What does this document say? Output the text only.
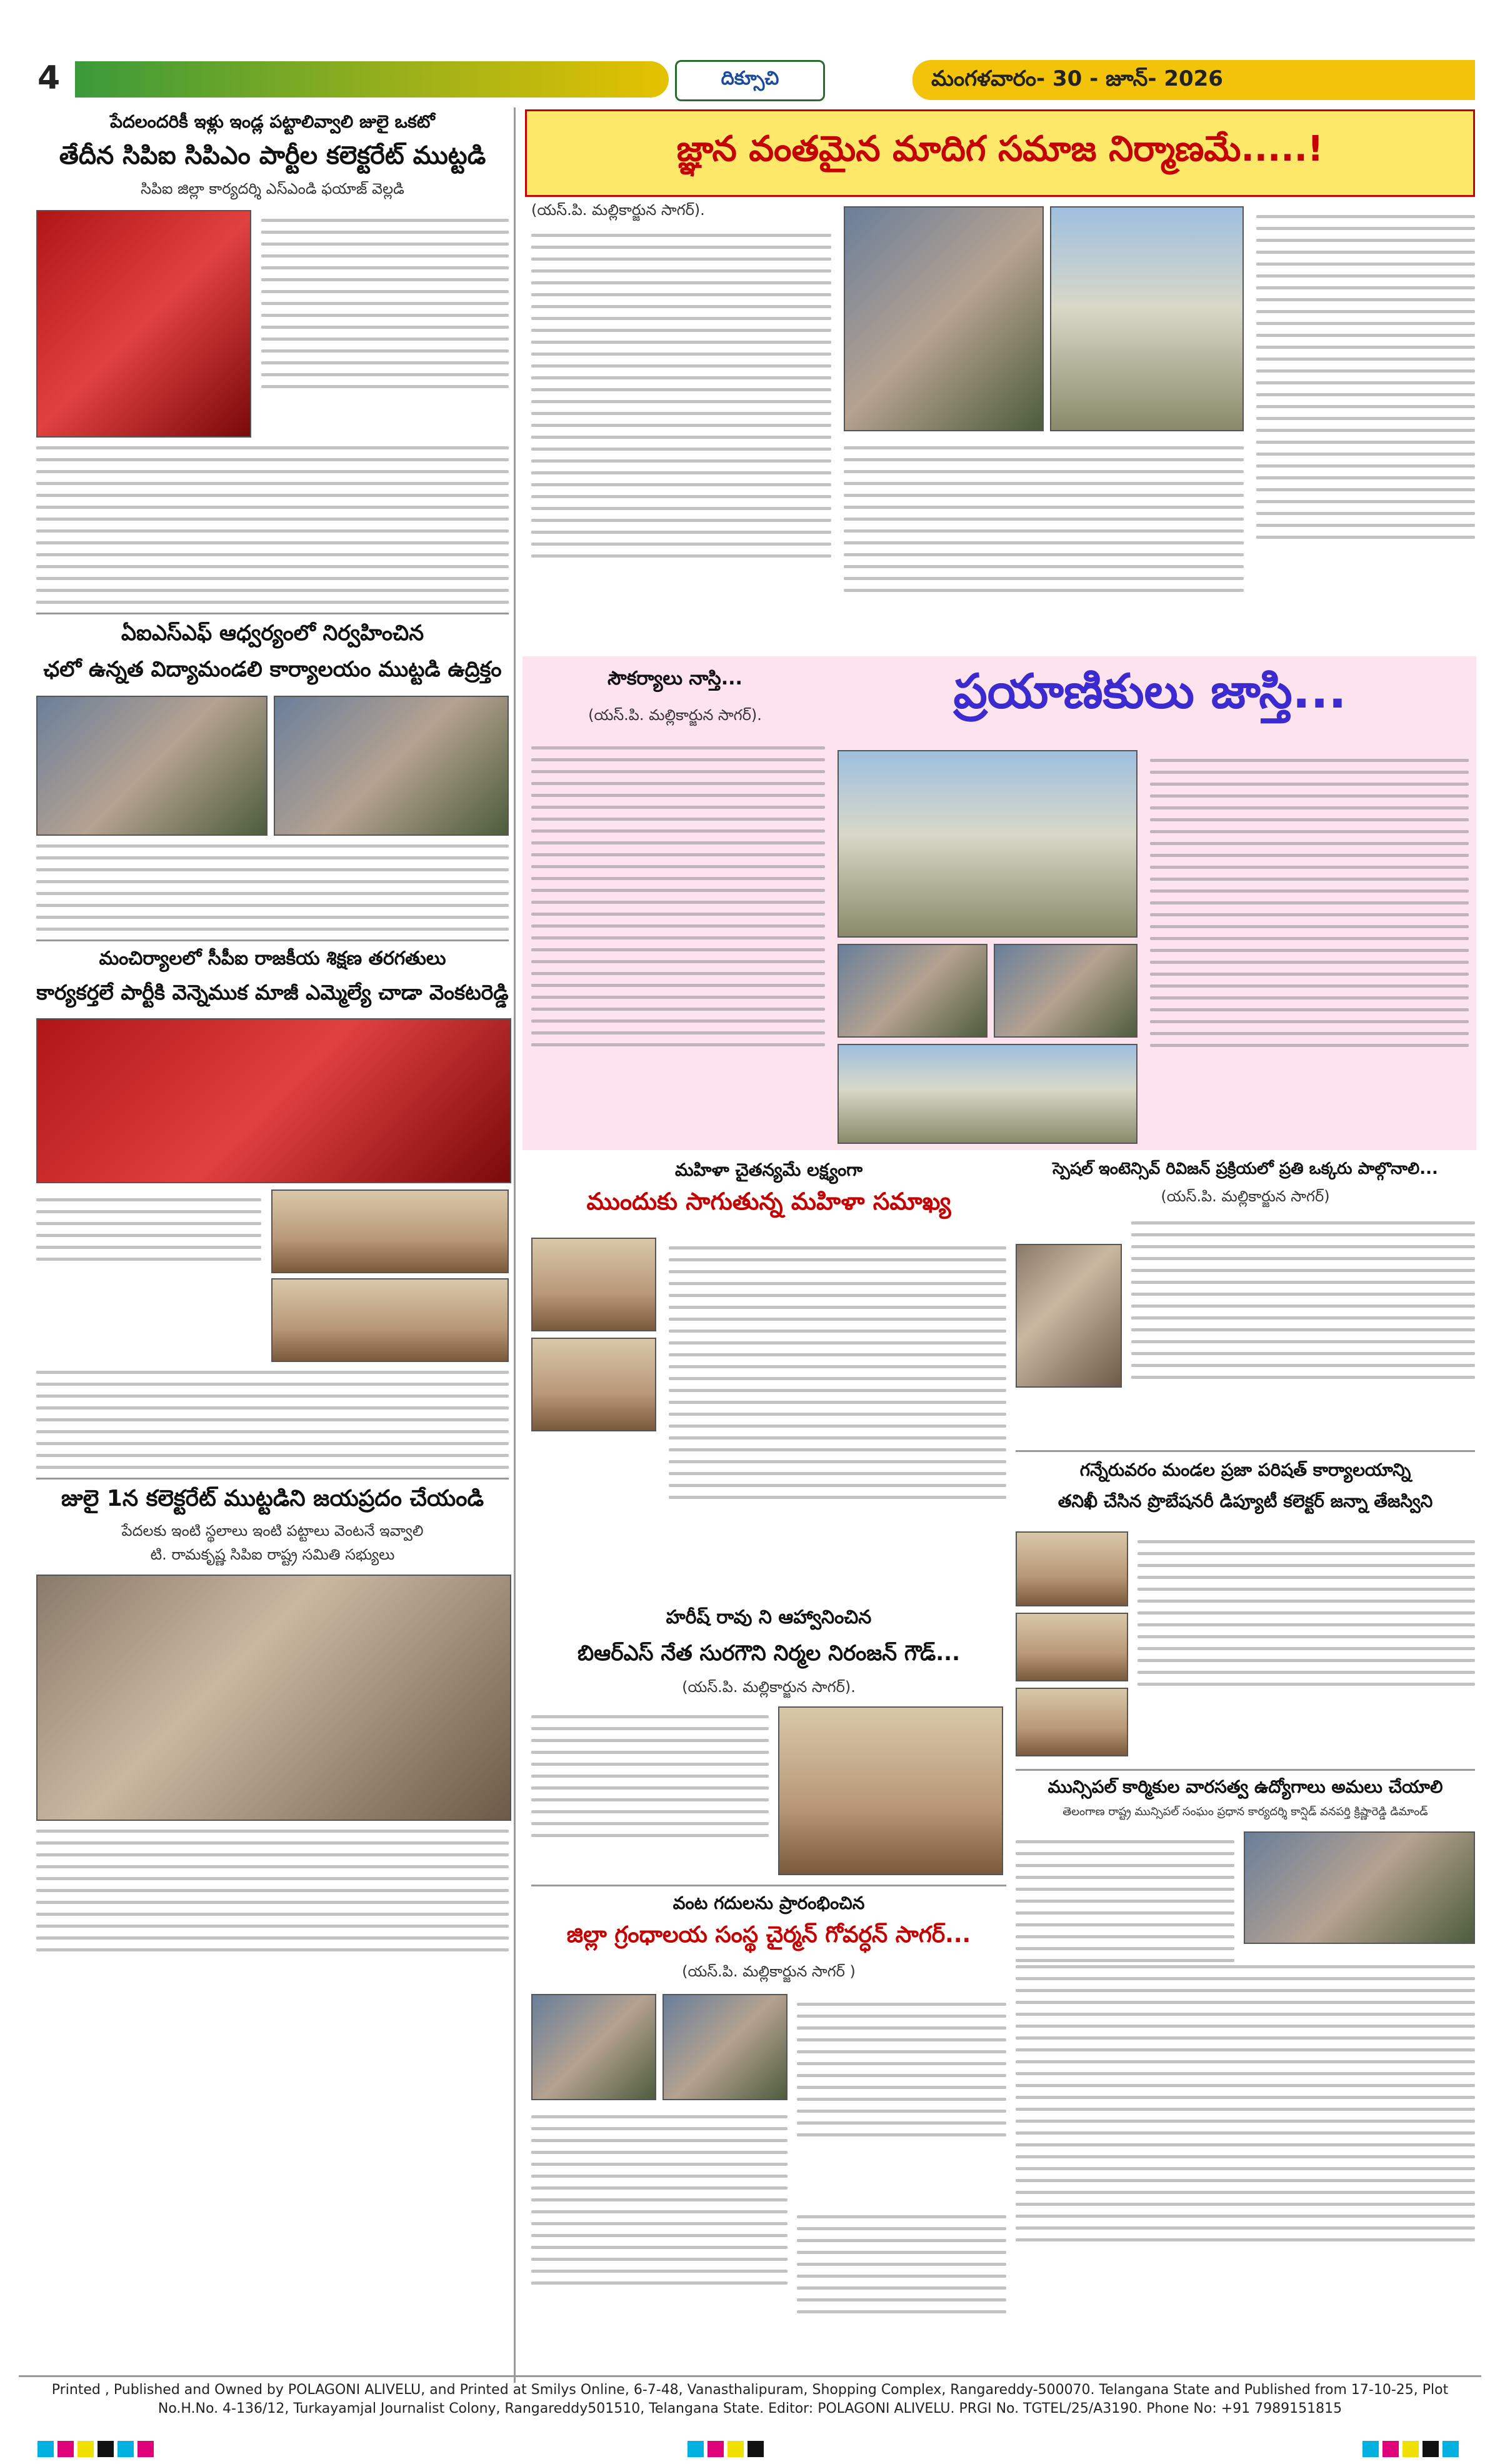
4	దిక్సూచి	మంగళవారం- 30 - జూన్- 2026
పేదలందరికీ ఇళ్లు ఇండ్ల పట్టాలివ్వాలి జులై ఒకటో
తేదీన సిపిఐ సిపిఎం పార్టీల కలెక్టరేట్ ముట్టడి
సిపిఐ జిల్లా కార్యదర్శి ఎస్ఎండి ఫయాజ్ వెల్లడి
ఏఐఎస్ఎఫ్ ఆధ్వర్యంలో నిర్వహించిన
ఛలో ఉన్నత విద్యామండలి కార్యాలయం ముట్టడి ఉద్రిక్తం
మంచిర్యాలలో సీపీఐ రాజకీయ శిక్షణ తరగతులు
కార్యకర్తలే పార్టీకి వెన్నెముక మాజీ ఎమ్మెల్యే చాడా వెంకటరెడ్డి
జులై 1న కలెక్టరేట్ ముట్టడిని జయప్రదం చేయండి
పేదలకు ఇంటి స్థలాలు ఇంటి పట్టాలు వెంటనే ఇవ్వాలి
టి. రామకృష్ణ సిపిఐ రాష్ట్ర సమితి సభ్యులు
జ్ఞాన వంతమైన మాదిగ సమాజ నిర్మాణమే.....!
(యస్.పి. మల్లికార్జున సాగర్).
సౌకర్యాలు నాస్తి...	ప్రయాణికులు జాస్తి...
(యస్.పి. మల్లికార్జున సాగర్).
మహిళా చైతన్యమే లక్ష్యంగా
ముందుకు సాగుతున్న మహిళా సమాఖ్య
స్పెషల్ ఇంటెన్సివ్ రివిజన్ ప్రక్రియలో ప్రతి ఒక్కరు పాల్గొనాలి...
(యస్.పి. మల్లికార్జున సాగర్)
గన్నేరువరం మండల ప్రజా పరిషత్ కార్యాలయాన్ని
తనిఖీ చేసిన ప్రొబేషనరీ డిప్యూటీ కలెక్టర్ జన్నా తేజస్విని
మున్సిపల్ కార్మికుల వారసత్వ ఉద్యోగాలు అమలు చేయాలి
తెలంగాణ రాష్ట్ర మున్సిపల్ సంఘం ప్రధాన కార్యదర్శి కాన్షిడ్ వనపర్తి క్రిష్ణారెడ్డి డిమాండ్
హరీష్ రావు ని ఆహ్వానించిన
బిఆర్ఎస్ నేత సురగౌని నిర్మల నిరంజన్ గౌడ్...
(యస్.పి. మల్లికార్జున సాగర్).
వంట గదులను ప్రారంభించిన
జిల్లా గ్రంధాలయ సంస్థ చైర్మన్ గోవర్ధన్ సాగర్...
(యస్.పి. మల్లికార్జున సాగర్ )
Printed , Published and Owned by POLAGONI ALIVELU, and Printed at Smilys Online, 6-7-48, Vanasthalipuram, Shopping Complex, Rangareddy-500070. Telangana State and Published from 17-10-25, Plot
No.H.No. 4-136/12, Turkayamjal Journalist Colony, Rangareddy501510, Telangana State. Editor: POLAGONI ALIVELU. PRGI No. TGTEL/25/A3190. Phone No: +91 7989151815
